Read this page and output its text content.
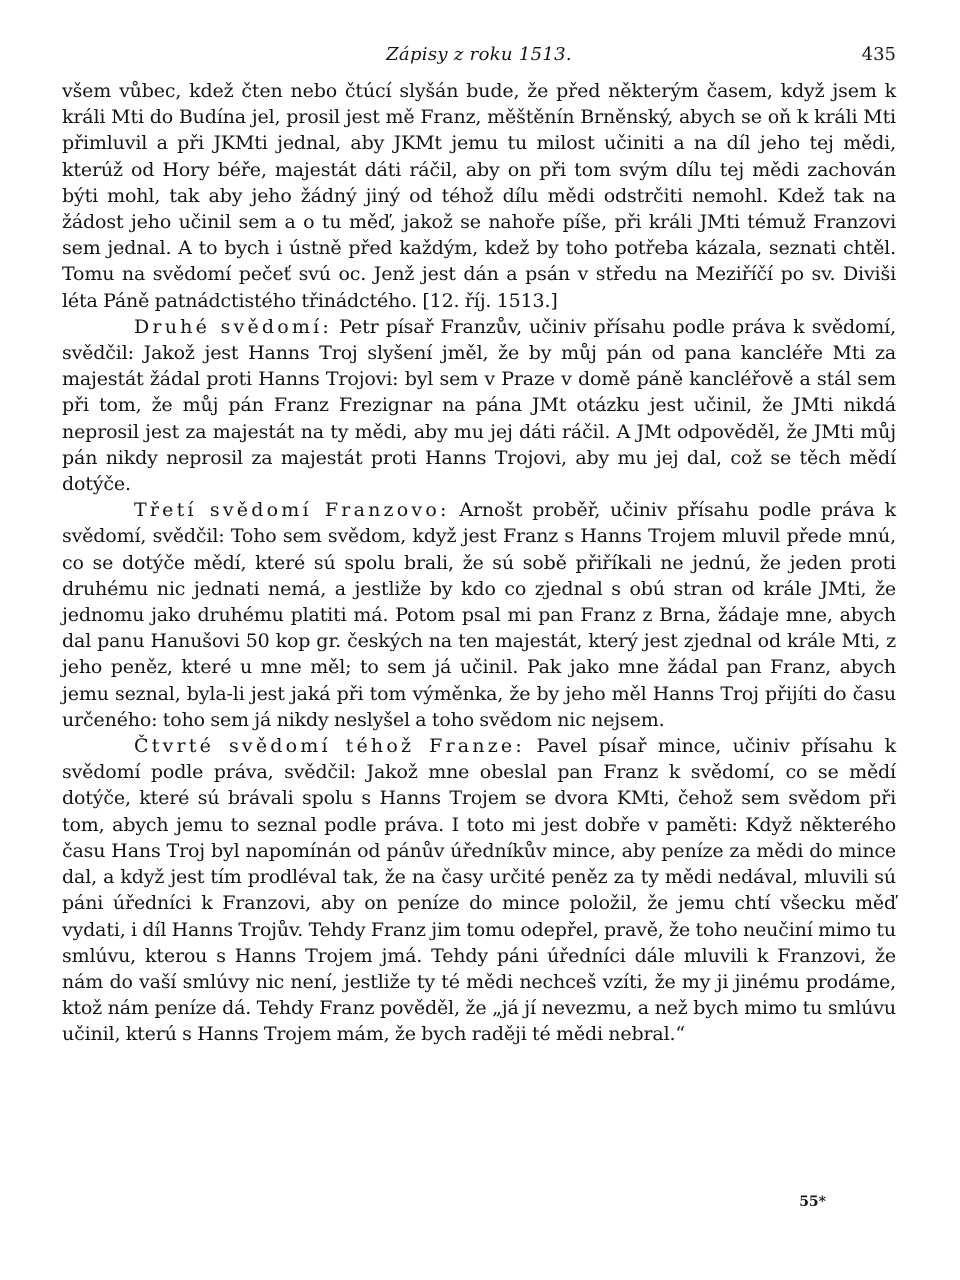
Zápisy z roku 1513.	435

všem vůbec, kdež čten nebo čtúcí slyšán bude, že před některým časem, když jsem k králi Mti do Budína jel, prosil jest mě Franz, měštěnín Brněnský, abych se oň k králi Mti přimluvil a při JKMti jednal, aby JKMt jemu tu milost učiniti a na díl jeho tej mědi, kterúž od Hory béře, majestát dáti ráčil, aby on při tom svým dílu tej mědi zachován býti mohl, tak aby jeho žádný jiný od téhož dílu mědi odstrčiti nemohl. Kdež tak na žádost jeho učinil sem a o tu měď, jakož se nahoře píše, při králi JMti témuž Franzovi sem jednal. A to bych i ústně před každým, kdež by toho potřeba kázala, seznati chtěl. Tomu na svědomí pečeť svú oc. Jenž jest dán a psán v středu na Meziříčí po sv. Diviši léta Páně patnádctistého třinádctého. [12. říj. 1513.]

Druhé svědomí: Petr písař Franzův, učiniv přísahu podle práva k svědomí, svědčil: Jakož jest Hanns Troj slyšení jměl, že by můj pán od pana kancléře Mti za majestát žádal proti Hanns Trojovi: byl sem v Praze v domě páně kancléřově a stál sem při tom, že můj pán Franz Frezignar na pána JMt otázku jest učinil, že JMti nikdá neprosil jest za majestát na ty mědi, aby mu jej dáti ráčil. A JMt odpověděl, že JMti můj pán nikdy neprosil za majestát proti Hanns Trojovi, aby mu jej dal, což se těch mědí dotýče.

Třetí svědomí Franzovo: Arnošt proběř, učiniv přísahu podle práva k svědomí, svědčil: Toho sem svědom, když jest Franz s Hanns Trojem mluvil přede mnú, co se dotýče mědí, které sú spolu brali, že sú sobě přiříkali ne jednú, že jeden proti druhému nic jednati nemá, a jestliže by kdo co zjednal s obú stran od krále JMti, že jednomu jako druhému platiti má. Potom psal mi pan Franz z Brna, žádaje mne, abych dal panu Hanušovi 50 kop gr. českých na ten majestát, který jest zjednal od krále Mti, z jeho peněz, které u mne měl; to sem já učinil. Pak jako mne žádal pan Franz, abych jemu seznal, byla-li jest jaká při tom výměnka, že by jeho měl Hanns Troj přijíti do času určeného: toho sem já nikdy neslyšel a toho svědom nic nejsem.

Čtvrté svědomí téhož Franze: Pavel písař mince, učiniv přísahu k svědomí podle práva, svědčil: Jakož mne obeslal pan Franz k svědomí, co se mědí dotýče, které sú brávali spolu s Hanns Trojem se dvora KMti, čehož sem svědom při tom, abych jemu to seznal podle práva. I toto mi jest dobře v paměti: Když některého času Hans Troj byl napomínán od pánův úředníkův mince, aby peníze za mědi do mince dal, a když jest tím prodléval tak, že na časy určité peněz za ty mědi nedával, mluvili sú páni úředníci k Franzovi, aby on peníze do mince položil, že jemu chtí všecku měď vydati, i díl Hanns Trojův. Tehdy Franz jim tomu odepřel, pravě, že toho neučiní mimo tu smlúvu, kterou s Hanns Trojem jmá. Tehdy páni úředníci dále mluvili k Franzovi, že nám do vaší smlúvy nic není, jestliže ty té mědi nechceš vzíti, že my ji jinému prodáme, ktož nám peníze dá. Tehdy Franz pověděl, že „já jí nevezmu, a než bych mimo tu smlúvu učinil, kterú s Hanns Trojem mám, že bych raději té mědi nebral.“

55*
